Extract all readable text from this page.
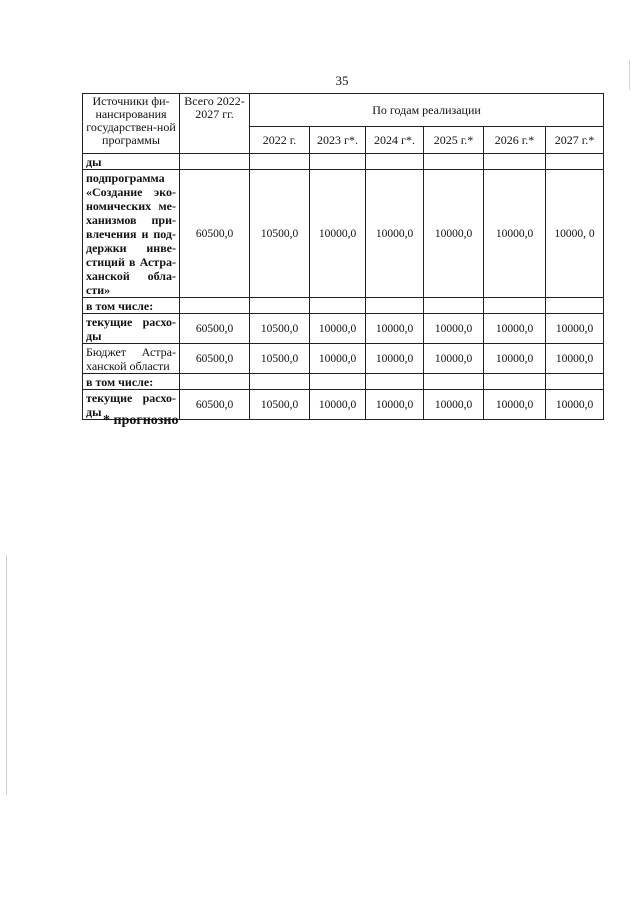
35
Источники фи-нансирования государствен-ной программы	Всего 2022-2027 гг.	По годам реализации					
		2022 г.	2023 г*.	2024 г*.	2025 г.*	2026 г.*	2027 г.*
ды							
подпрограмма «Создание эко-номических ме-ханизмов при-влечения и под-держки инве-стиций в Астра-ханской обла-сти»	60500,0	10500,0	10000,0	10000,0	10000,0	10000,0	10000, 0
в том числе:							
текущие расхо-ды	60500,0	10500,0	10000,0	10000,0	10000,0	10000,0	10000,0
Бюджет Астра-ханской области	60500,0	10500,0	10000,0	10000,0	10000,0	10000,0	10000,0
в том числе:							
текущие расхо-ды	60500,0	10500,0	10000,0	10000,0	10000,0	10000,0	10000,0
* прогнозно
